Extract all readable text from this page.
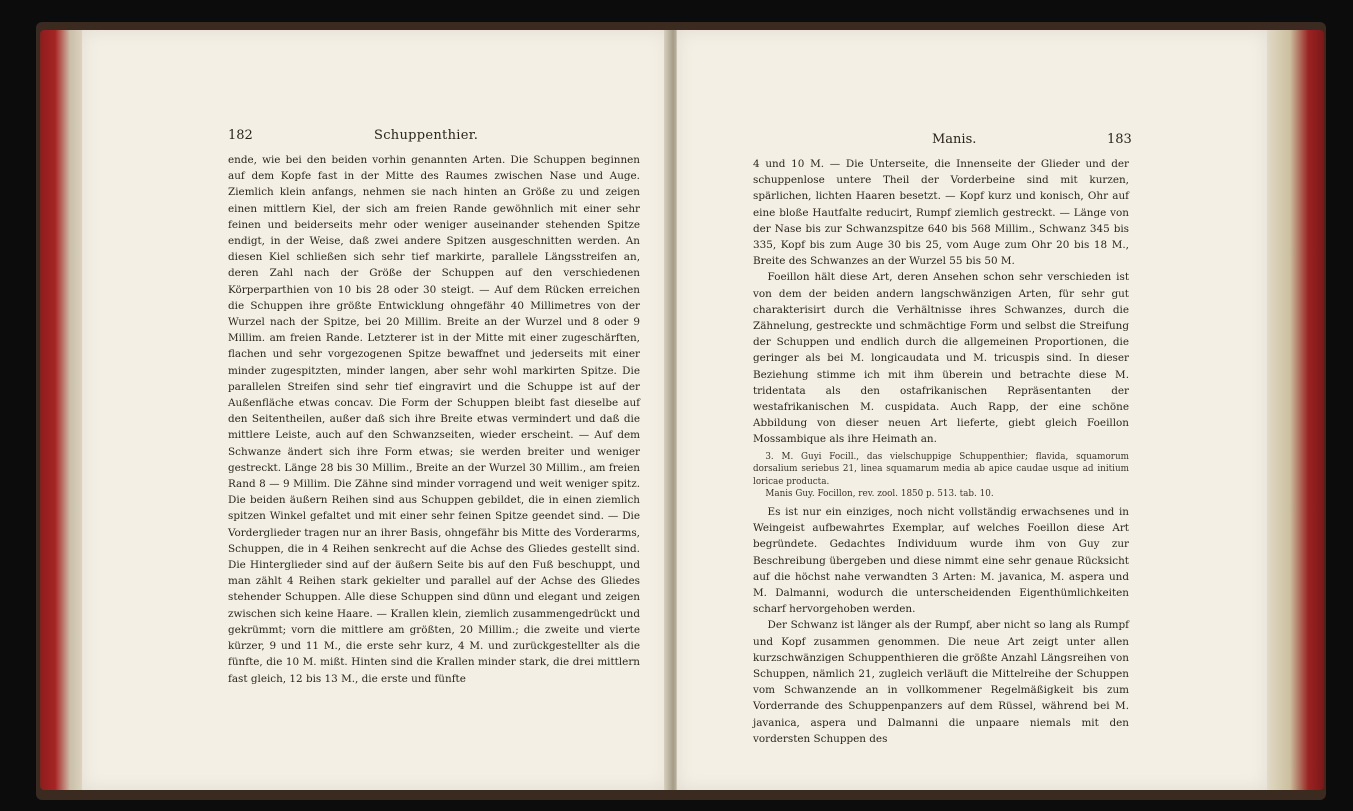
182	Schuppenthier.

ende, wie bei den beiden vorhin genannten Arten. Die Schuppen beginnen auf dem Kopfe fast in der Mitte des Raumes zwischen Nase und Auge. Ziemlich klein anfangs, nehmen sie nach hinten an Größe zu und zeigen einen mittlern Kiel, der sich am freien Rande gewöhnlich mit einer sehr feinen und beiderseits mehr oder weniger auseinander stehenden Spitze endigt, in der Weise, daß zwei andere Spitzen ausgeschnitten werden. An diesen Kiel schließen sich sehr tief markirte, parallele Längsstreifen an, deren Zahl nach der Größe der Schuppen auf den verschiedenen Körperparthien von 10 bis 28 oder 30 steigt. — Auf dem Rücken erreichen die Schuppen ihre größte Entwicklung ohngefähr 40 Millimetres von der Wurzel nach der Spitze, bei 20 Millim. Breite an der Wurzel und 8 oder 9 Millim. am freien Rande. Letzterer ist in der Mitte mit einer zugeschärften, flachen und sehr vorgezogenen Spitze bewaffnet und jederseits mit einer minder zugespitzten, minder langen, aber sehr wohl markirten Spitze. Die parallelen Streifen sind sehr tief eingravirt und die Schuppe ist auf der Außenfläche etwas concav. Die Form der Schuppen bleibt fast dieselbe auf den Seitentheilen, außer daß sich ihre Breite etwas vermindert und daß die mittlere Leiste, auch auf den Schwanzseiten, wieder erscheint. — Auf dem Schwanze ändert sich ihre Form etwas; sie werden breiter und weniger gestreckt. Länge 28 bis 30 Millim., Breite an der Wurzel 30 Millim., am freien Rand 8 — 9 Millim. Die Zähne sind minder vorragend und weit weniger spitz. Die beiden äußern Reihen sind aus Schuppen gebildet, die in einen ziemlich spitzen Winkel gefaltet und mit einer sehr feinen Spitze geendet sind. — Die Vorderglieder tragen nur an ihrer Basis, ohngefähr bis Mitte des Vorderarms, Schuppen, die in 4 Reihen senkrecht auf die Achse des Gliedes gestellt sind. Die Hinterglieder sind auf der äußern Seite bis auf den Fuß beschuppt, und man zählt 4 Reihen stark gekielter und parallel auf der Achse des Gliedes stehender Schuppen. Alle diese Schuppen sind dünn und elegant und zeigen zwischen sich keine Haare. — Krallen klein, ziemlich zusammengedrückt und gekrümmt; vorn die mittlere am größten, 20 Millim.; die zweite und vierte kürzer, 9 und 11 M., die erste sehr kurz, 4 M. und zurückgestellter als die fünfte, die 10 M. mißt. Hinten sind die Krallen minder stark, die drei mittlern fast gleich, 12 bis 13 M., die erste und fünfte

Manis.	183

4 und 10 M. — Die Unterseite, die Innenseite der Glieder und der schuppenlose untere Theil der Vorderbeine sind mit kurzen, spärlichen, lichten Haaren besetzt. — Kopf kurz und konisch, Ohr auf eine bloße Hautfalte reducirt, Rumpf ziemlich gestreckt. — Länge von der Nase bis zur Schwanzspitze 640 bis 568 Millim., Schwanz 345 bis 335, Kopf bis zum Auge 30 bis 25, vom Auge zum Ohr 20 bis 18 M., Breite des Schwanzes an der Wurzel 55 bis 50 M.

Foeillon hält diese Art, deren Ansehen schon sehr verschieden ist von dem der beiden andern langschwänzigen Arten, für sehr gut charakterisirt durch die Verhältnisse ihres Schwanzes, durch die Zähnelung, gestreckte und schmächtige Form und selbst die Streifung der Schuppen und endlich durch die allgemeinen Proportionen, die geringer als bei M. longicaudata und M. tricuspis sind. In dieser Beziehung stimme ich mit ihm überein und betrachte diese M. tridentata als den ostafrikanischen Repräsentanten der westafrikanischen M. cuspidata. Auch Rapp, der eine schöne Abbildung von dieser neuen Art lieferte, giebt gleich Foeillon Mossambique als ihre Heimath an.

3. M. Guyi Focill., das vielschuppige Schuppenthier; flavida, squamorum dorsalium seriebus 21, linea squamarum media ab apice caudae usque ad initium loricae producta.

Manis Guy. Focillon, rev. zool. 1850 p. 513. tab. 10.

Es ist nur ein einziges, noch nicht vollständig erwachsenes und in Weingeist aufbewahrtes Exemplar, auf welches Foeillon diese Art begründete. Gedachtes Individuum wurde ihm von Guy zur Beschreibung übergeben und diese nimmt eine sehr genaue Rücksicht auf die höchst nahe verwandten 3 Arten: M. javanica, M. aspera und M. Dalmanni, wodurch die unterscheidenden Eigenthümlichkeiten scharf hervorgehoben werden.

Der Schwanz ist länger als der Rumpf, aber nicht so lang als Rumpf und Kopf zusammen genommen. Die neue Art zeigt unter allen kurzschwänzigen Schuppenthieren die größte Anzahl Längsreihen von Schuppen, nämlich 21, zugleich verläuft die Mittelreihe der Schuppen vom Schwanzende an in vollkommener Regelmäßigkeit bis zum Vorderrande des Schuppenpanzers auf dem Rüssel, während bei M. javanica, aspera und Dalmanni die unpaare niemals mit den vordersten Schuppen des
